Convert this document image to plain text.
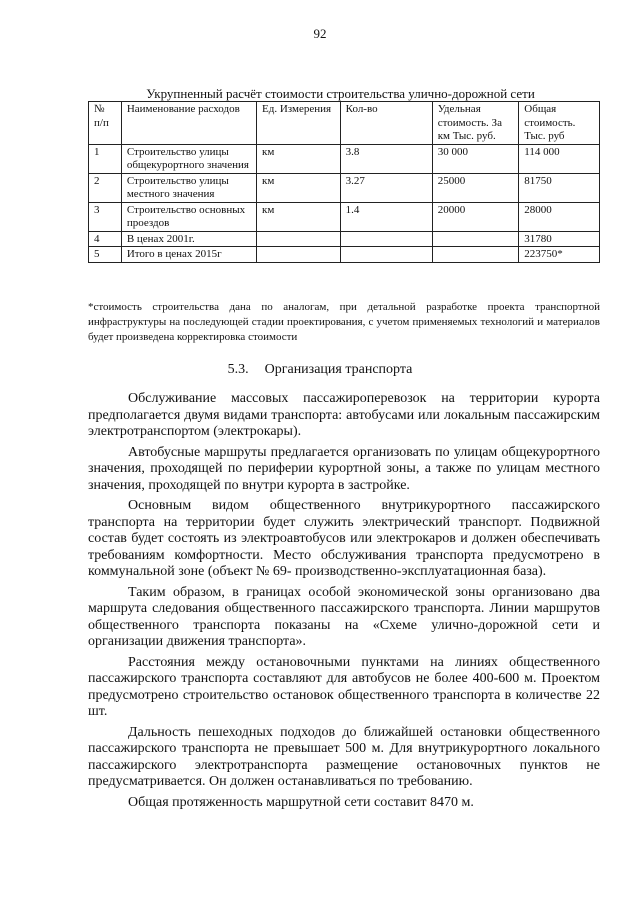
92
Укрупненный расчёт стоимости строительства улично-дорожной сети
№ п/п	Наименование расходов	Ед. Измерения	Кол-во	Удельная стоимость. За км Тыс. руб.	Общая стоимость. Тыс. руб
1	Строительство улицы общекурортного значения	км	3.8	30 000	114 000
2	Строительство улицы местного значения	км	3.27	25000	81750
3	Строительство основных проездов	км	1.4	20000	28000
4	В ценах 2001г.				31780
5	Итого в ценах 2015г				223750*
*стоимость строительства дана по аналогам, при детальной разработке проекта транспортной инфраструктуры на последующей стадии проектирования, с учетом применяемых технологий и материалов будет произведена корректировка стоимости
5.3. Организация транспорта

Обслуживание массовых пассажироперевозок на территории курорта предполагается двумя видами транспорта: автобусами или локальным пассажирским электротранспортом (электрокары).

Автобусные маршруты предлагается организовать по улицам общекурортного значения, проходящей по периферии курортной зоны, а также по улицам местного значения, проходящей по внутри курорта в застройке.

Основным видом общественного внутрикурортного пассажирского транспорта на территории будет служить электрический транспорт. Подвижной состав будет состоять из электроавтобусов или электрокаров и должен обеспечивать требованиям комфортности. Место обслуживания транспорта предусмотрено в коммунальной зоне (объект № 69- производственно-эксплуатационная база).

Таким образом, в границах особой экономической зоны организовано два маршрута следования общественного пассажирского транспорта. Линии маршрутов общественного транспорта показаны на «Схеме улично-дорожной сети и организации движения транспорта».

Расстояния между остановочными пунктами на линиях общественного пассажирского транспорта составляют для автобусов не более 400-600 м. Проектом предусмотрено строительство остановок общественного транспорта в количестве 22 шт.

Дальность пешеходных подходов до ближайшей остановки общественного пассажирского транспорта не превышает 500 м. Для внутрикурортного локального пассажирского электротранспорта размещение остановочных пунктов не предусматривается. Он должен останавливаться по требованию.

Общая протяженность маршрутной сети составит 8470 м.
